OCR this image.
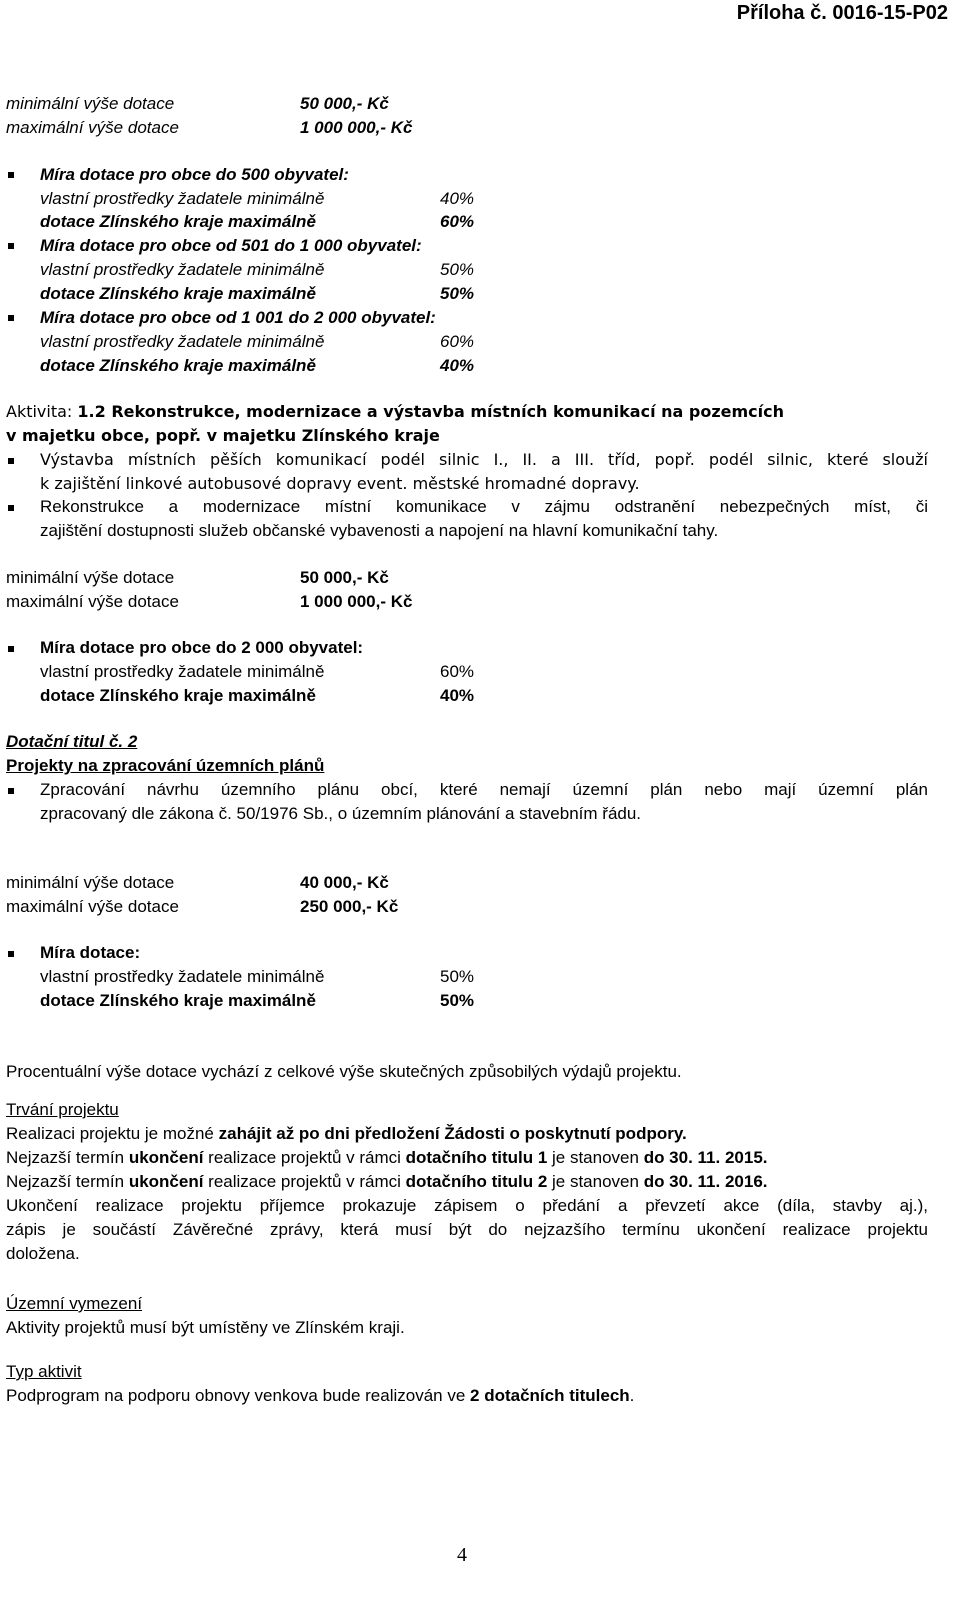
Příloha č. 0016-15-P02
minimální výše dotace	50 000,- Kč
maximální výše dotace	1 000 000,- Kč
Míra dotace pro obce do 500 obyvatel:
vlastní prostředky žadatele minimálně	40%
dotace Zlínského kraje maximálně	60%
Míra dotace pro obce od 501 do 1 000 obyvatel:
vlastní prostředky žadatele minimálně	50%
dotace Zlínského kraje maximálně	50%
Míra dotace pro obce od 1 001 do 2 000 obyvatel:
vlastní prostředky žadatele minimálně	60%
dotace Zlínského kraje maximálně	40%
Aktivita: 1.2 Rekonstrukce, modernizace a výstavba místních komunikací na pozemcích
v majetku obce, popř. v majetku Zlínského kraje
Výstavba místních pěších komunikací podél silnic I., II. a III. tříd, popř. podél silnic, které slouží
k zajištění linkové autobusové dopravy event. městské hromadné dopravy.
Rekonstrukce a modernizace místní komunikace v zájmu odstranění nebezpečných míst, či
zajištění dostupnosti služeb občanské vybavenosti a napojení na hlavní komunikační tahy.
minimální výše dotace	50 000,- Kč
maximální výše dotace	1 000 000,- Kč
Míra dotace pro obce do 2 000 obyvatel:
vlastní prostředky žadatele minimálně	60%
dotace Zlínského kraje maximálně	40%
Dotační titul č. 2
Projekty na zpracování územních plánů
Zpracování návrhu územního plánu obcí, které nemají územní plán nebo mají územní plán
zpracovaný dle zákona č. 50/1976 Sb., o územním plánování a stavebním řádu.
minimální výše dotace	40 000,- Kč
maximální výše dotace	250 000,- Kč
Míra dotace:
vlastní prostředky žadatele minimálně	50%
dotace Zlínského kraje maximálně	50%
Procentuální výše dotace vychází z celkové výše skutečných způsobilých výdajů projektu.
Trvání projektu
Realizaci projektu je možné zahájit až po dni předložení Žádosti o poskytnutí podpory.
Nejzazší termín ukončení realizace projektů v rámci dotačního titulu 1 je stanoven do 30. 11. 2015.
Nejzazší termín ukončení realizace projektů v rámci dotačního titulu 2 je stanoven do 30. 11. 2016.
Ukončení realizace projektu příjemce prokazuje zápisem o předání a převzetí akce (díla, stavby aj.),
zápis je součástí Závěrečné zprávy, která musí být do nejzazšího termínu ukončení realizace projektu
doložena.
Územní vymezení
Aktivity projektů musí být umístěny ve Zlínském kraji.
Typ aktivit
Podprogram na podporu obnovy venkova bude realizován ve 2 dotačních titulech.
4
